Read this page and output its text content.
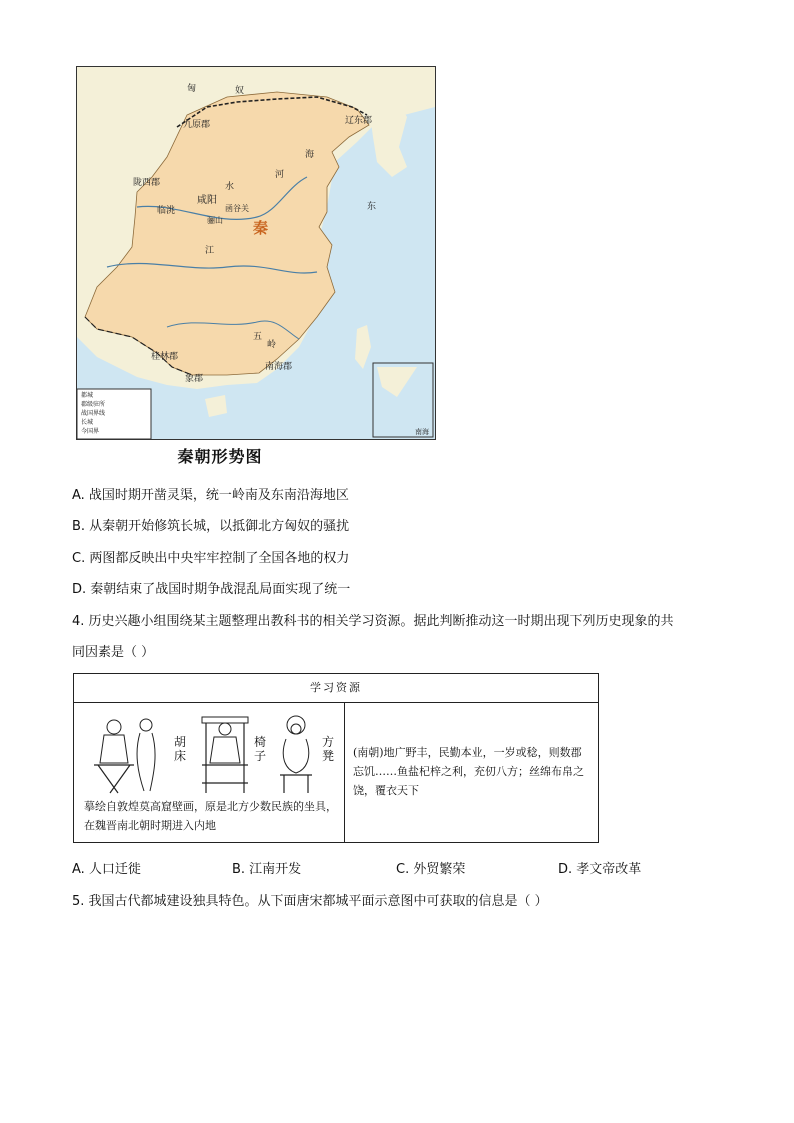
匈	奴
辽东郡
九原郡
陇西郡
咸阳
临洮	函谷关
骊山 秦
河
水
海
东
江
五
岭
桂林郡
南海郡
象郡
南海
都城
郡级驻所
战国界线
长城
今国界
秦朝形势图
A. 战国时期开凿灵渠，统一岭南及东南沿海地区
B. 从秦朝开始修筑长城，以抵御北方匈奴的骚扰
C. 两图都反映出中央牢牢控制了全国各地的权力
D. 秦朝结束了战国时期争战混乱局面实现了统一
4. 历史兴趣小组围绕某主题整理出教科书的相关学习资源。据此判断推动这一时期出现下列历史现象的共
同因素是（ ）
学习资源
胡床
椅子
方凳
摹绘自敦煌莫高窟壁画，原是北方少数民族的坐具，在魏晋南北朝时期进入内地

(南朝)地广野丰，民勤本业，一岁或稔，则数郡忘饥……鱼盐杞梓之利，充仞八方；丝绵布帛之饶，覆衣天下

A. 人口迁徙	B. 江南开发	C. 外贸繁荣	D. 孝文帝改革
5. 我国古代都城建设独具特色。从下面唐宋都城平面示意图中可获取的信息是（ ）
